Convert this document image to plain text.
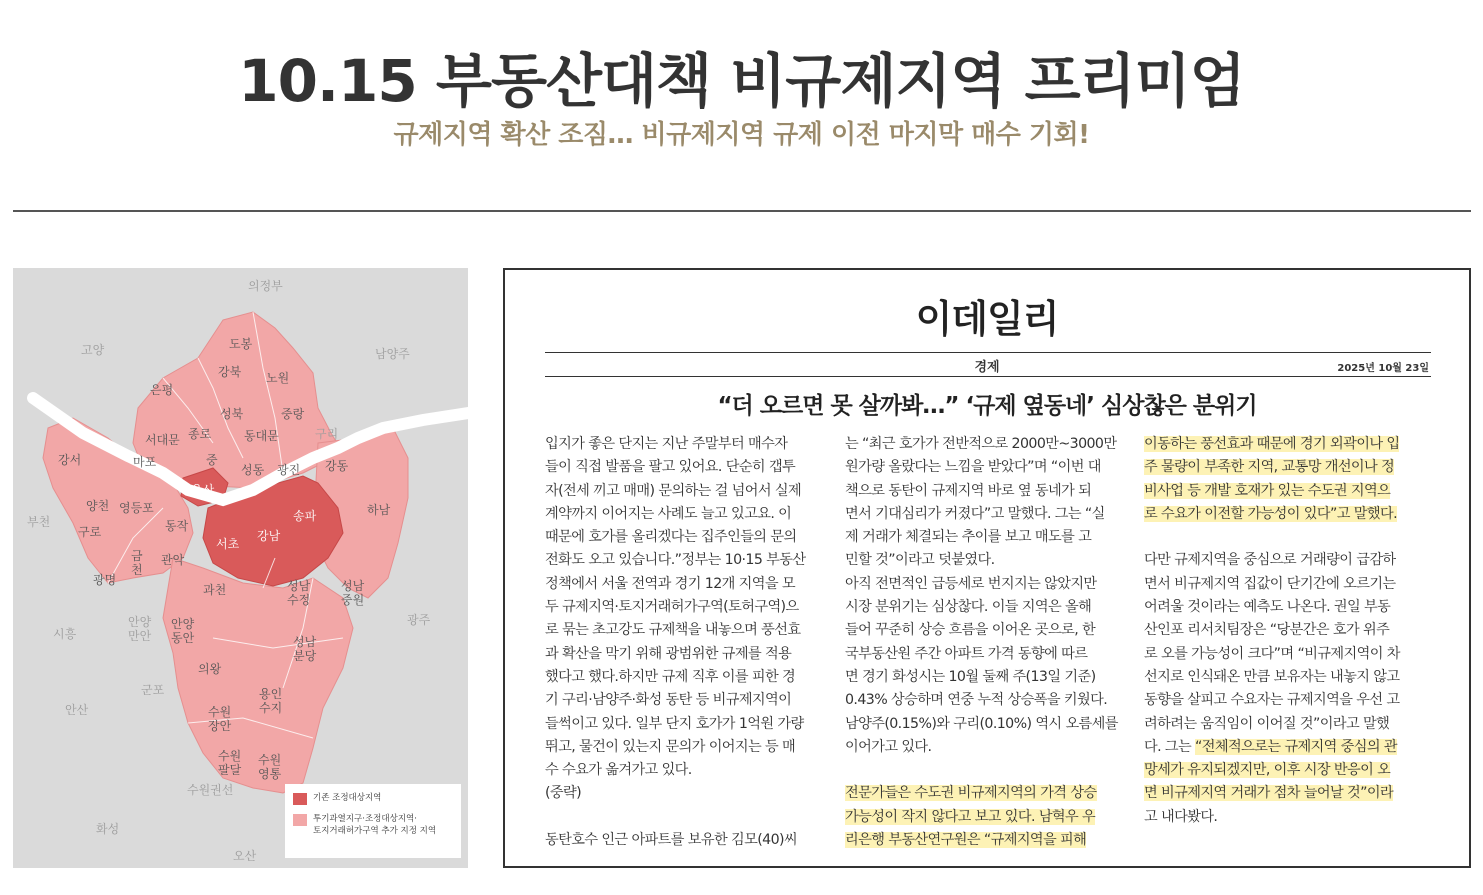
10.15 부동산대책 비규제지역 프리미엄
규제지역 확산 조짐… 비규제지역 규제 이전 마지막 매수 기회!
의정부
고양	남양주
구리
부천
시흥
광주
군포
안산
수원권선
화성
오산
안양 만안
도봉
강북 노원
은평
성북	중랑
서대문 종로	동대문
강서	마포	중
성동 광진 강동
양천 영등포
구로	동작
하남
금 천
관악
광명
과천	성남 수정
성남 중원
안양 동안	성남 분당
의왕
용인 수지
수원 장안
수원 팔달
수원 영통
용산
송파
강남
서초
기존 조정대상지역
투기과열지구·조정대상지역·
토지거래허가구역 추가 지정 지역
이데일리
경제	2025년 10월 23일
“더 오르면 못 살까봐…” ‘규제 옆동네’ 심상찮은 분위기
입지가 좋은 단지는 지난 주말부터 매수자
들이 직접 발품을 팔고 있어요. 단순히 갭투
자(전세 끼고 매매) 문의하는 걸 넘어서 실제
계약까지 이어지는 사례도 늘고 있고요. 이
때문에 호가를 올리겠다는 집주인들의 문의
전화도 오고 있습니다.”정부는 10·15 부동산
정책에서 서울 전역과 경기 12개 지역을 모
두 규제지역·토지거래허가구역(토허구역)으
로 묶는 초고강도 규제책을 내놓으며 풍선효
과 확산을 막기 위해 광범위한 규제를 적용
했다고 했다.하지만 규제 직후 이를 피한 경
기 구리·남양주·화성 동탄 등 비규제지역이
들썩이고 있다. 일부 단지 호가가 1억원 가량
뛰고, 물건이 있는지 문의가 이어지는 등 매
수 수요가 옮겨가고 있다.
(중략)
동탄호수 인근 아파트를 보유한 김모(40)씨
는 “최근 호가가 전반적으로 2000만~3000만
원가량 올랐다는 느낌을 받았다”며 “이번 대
책으로 동탄이 규제지역 바로 옆 동네가 되
면서 기대심리가 커졌다”고 말했다. 그는 “실
제 거래가 체결되는 추이를 보고 매도를 고
민할 것”이라고 덧붙였다.
아직 전면적인 급등세로 번지지는 않았지만
시장 분위기는 심상찮다. 이들 지역은 올해
들어 꾸준히 상승 흐름을 이어온 곳으로, 한
국부동산원 주간 아파트 가격 동향에 따르
면 경기 화성시는 10월 둘째 주(13일 기준)
0.43% 상승하며 연중 누적 상승폭을 키웠다.
남양주(0.15%)와 구리(0.10%) 역시 오름세를
이어가고 있다.
전문가들은 수도권 비규제지역의 가격 상승
가능성이 작지 않다고 보고 있다. 남혁우 우
리은행 부동산연구원은 “규제지역을 피해
이동하는 풍선효과 때문에 경기 외곽이나 입
주 물량이 부족한 지역, 교통망 개선이나 정
비사업 등 개발 호재가 있는 수도권 지역으
로 수요가 이전할 가능성이 있다”고 말했다.
다만 규제지역을 중심으로 거래량이 급감하
면서 비규제지역 집값이 단기간에 오르기는
어려울 것이라는 예측도 나온다. 권일 부동
산인포 리서치팀장은 “당분간은 호가 위주
로 오를 가능성이 크다”며 “비규제지역이 차
선지로 인식돼온 만큼 보유자는 내놓지 않고
동향을 살피고 수요자는 규제지역을 우선 고
려하려는 움직임이 이어질 것”이라고 말했
다. 그는 “전체적으로는 규제지역 중심의 관
망세가 유지되겠지만, 이후 시장 반응이 오
면 비규제지역 거래가 점차 늘어날 것”이라
고 내다봤다.
